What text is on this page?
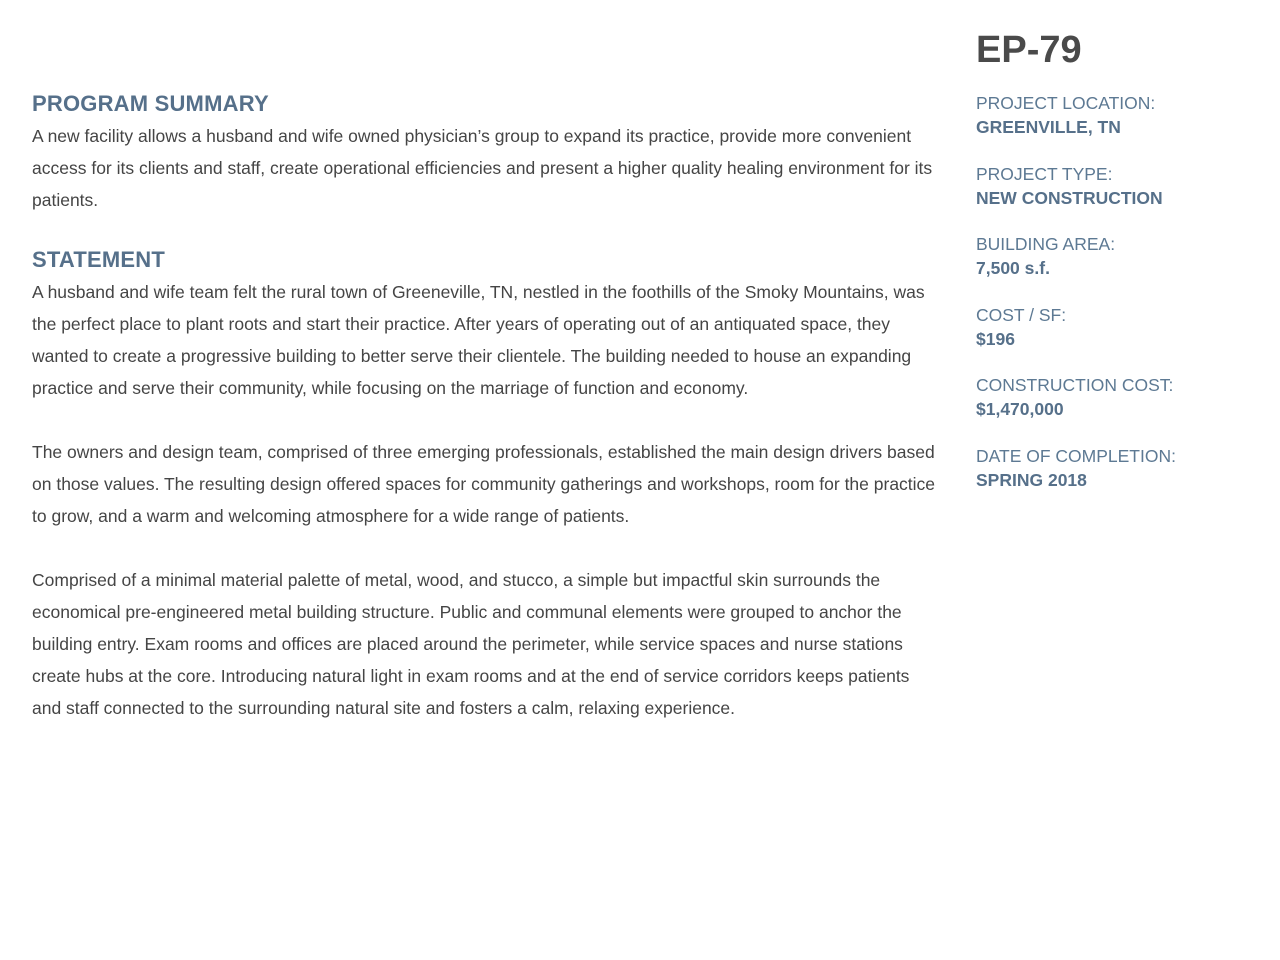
PROGRAM SUMMARY

A new facility allows a husband and wife owned physician’s group to expand its practice, provide more convenient access for its clients and staff, create operational efficiencies and present a higher quality healing environment for its patients.

STATEMENT

A husband and wife team felt the rural town of Greeneville, TN, nestled in the foothills of the Smoky Mountains, was the perfect place to plant roots and start their practice. After years of operating out of an antiquated space, they wanted to create a progressive building to better serve their clientele. The building needed to house an expanding practice and serve their community, while focusing on the marriage of function and economy.

The owners and design team, comprised of three emerging professionals, established the main design drivers based on those values. The resulting design offered spaces for community gatherings and workshops, room for the practice to grow, and a warm and welcoming atmosphere for a wide range of patients.

Comprised of a minimal material palette of metal, wood, and stucco, a simple but impactful skin surrounds the economical pre-engineered metal building structure. Public and communal elements were grouped to anchor the building entry. Exam rooms and offices are placed around the perimeter, while service spaces and nurse stations create hubs at the core. Introducing natural light in exam rooms and at the end of service corridors keeps patients and staff connected to the surrounding natural site and fosters a calm, relaxing experience.

EP-79

PROJECT LOCATION:

GREENVILLE, TN

PROJECT TYPE:

NEW CONSTRUCTION

BUILDING AREA:

7,500 s.f.

COST / SF:

$196

CONSTRUCTION COST:

$1,470,000

DATE OF COMPLETION:

SPRING 2018
